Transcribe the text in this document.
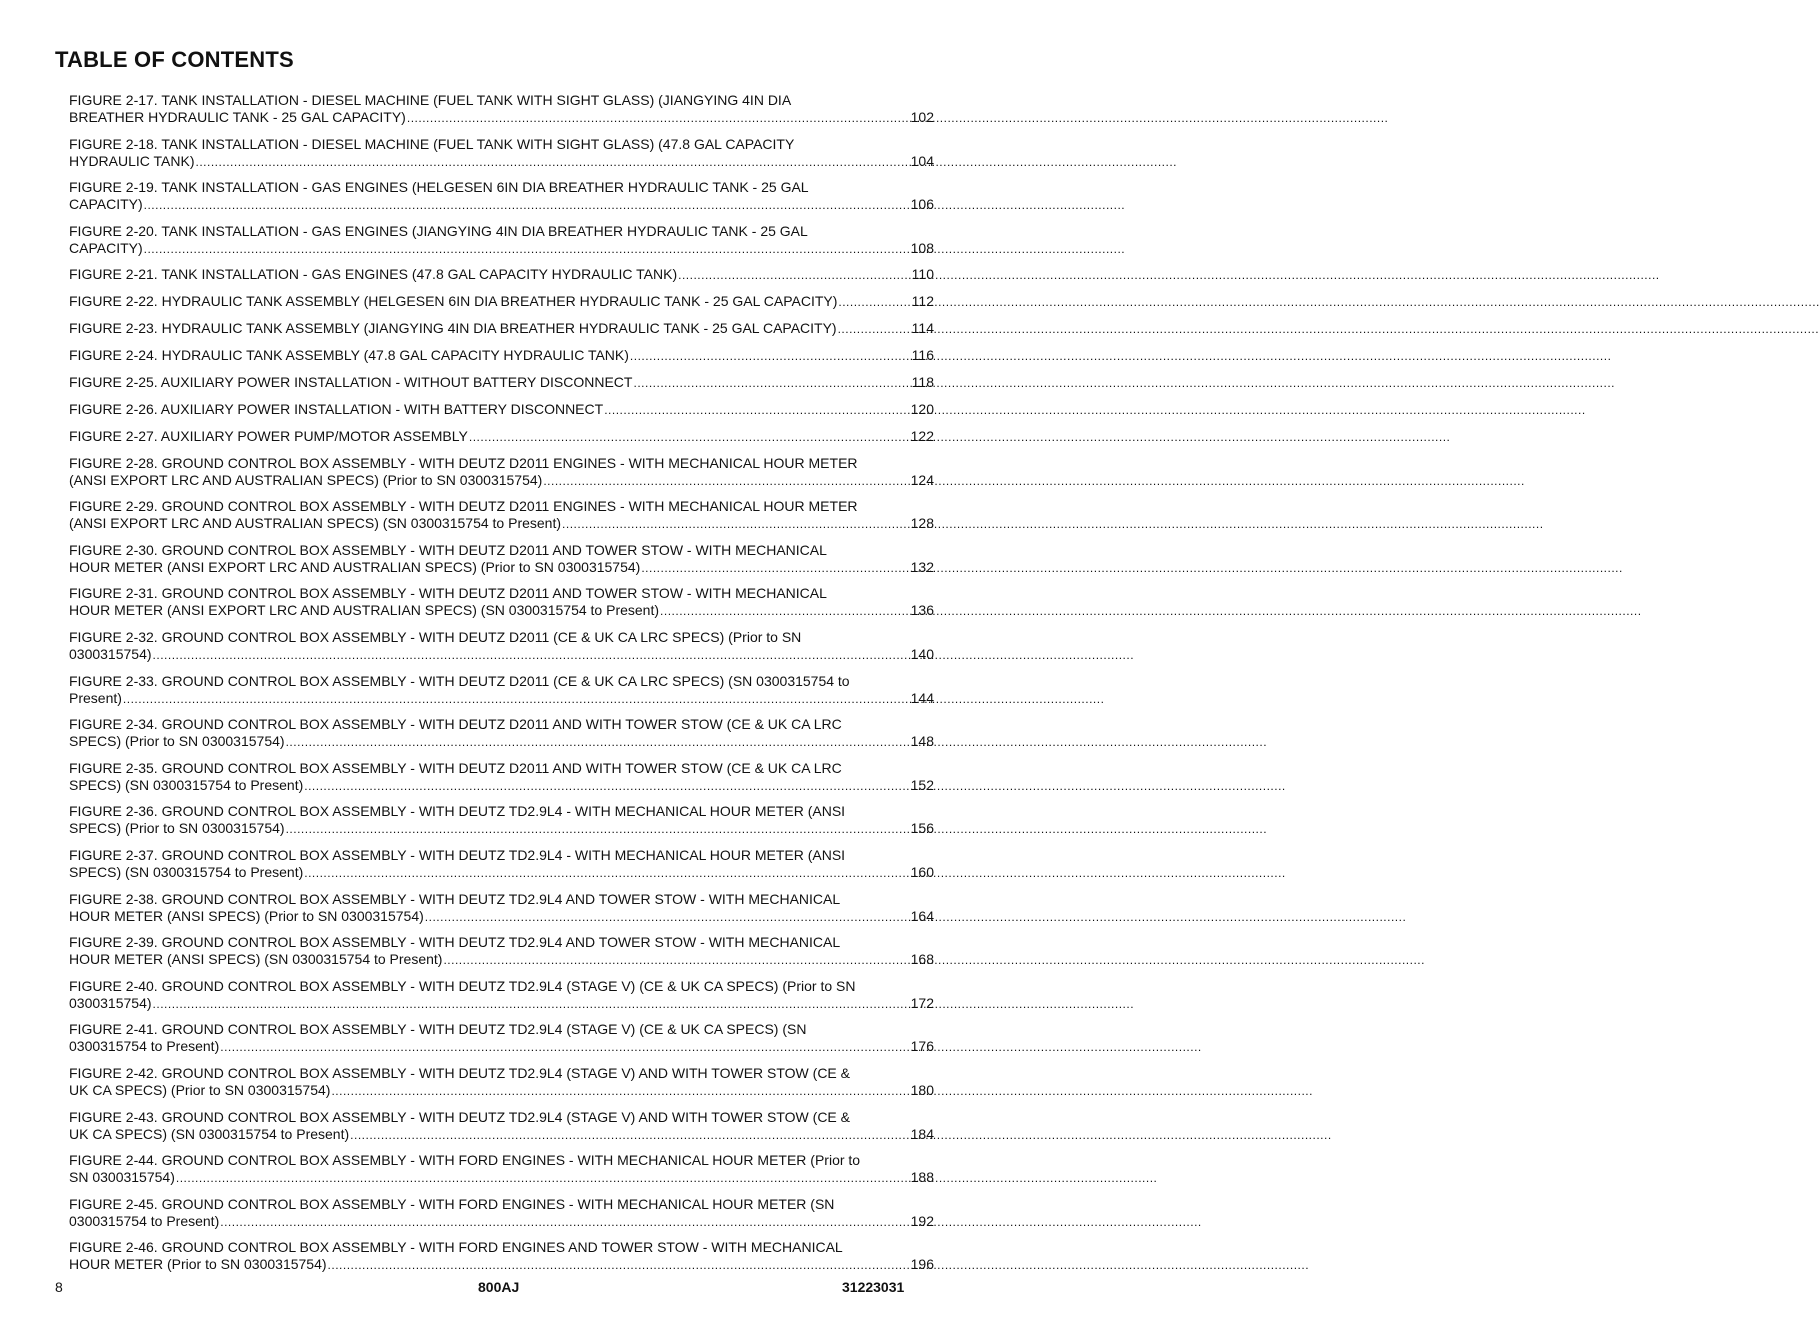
TABLE OF CONTENTS
FIGURE 2-17. TANK INSTALLATION - DIESEL MACHINE (FUEL TANK WITH SIGHT GLASS) (JIANGYING 4IN DIA
BREATHER HYDRAULIC TANK - 25 GAL CAPACITY) .....	102
FIGURE 2-18. TANK INSTALLATION - DIESEL MACHINE (FUEL TANK WITH SIGHT GLASS) (47.8 GAL CAPACITY
HYDRAULIC TANK) .....	104
FIGURE 2-19. TANK INSTALLATION - GAS ENGINES (HELGESEN 6IN DIA BREATHER HYDRAULIC TANK - 25 GAL
CAPACITY) .....	106
FIGURE 2-20. TANK INSTALLATION - GAS ENGINES (JIANGYING 4IN DIA BREATHER HYDRAULIC TANK - 25 GAL
CAPACITY) .....	108
FIGURE 2-21. TANK INSTALLATION - GAS ENGINES (47.8 GAL CAPACITY HYDRAULIC TANK) .....	110
FIGURE 2-22. HYDRAULIC TANK ASSEMBLY (HELGESEN 6IN DIA BREATHER HYDRAULIC TANK - 25 GAL CAPACITY) .....	112
FIGURE 2-23. HYDRAULIC TANK ASSEMBLY (JIANGYING 4IN DIA BREATHER HYDRAULIC TANK - 25 GAL CAPACITY) .....	114
FIGURE 2-24. HYDRAULIC TANK ASSEMBLY (47.8 GAL CAPACITY HYDRAULIC TANK) .....	116
FIGURE 2-25. AUXILIARY POWER INSTALLATION - WITHOUT BATTERY DISCONNECT .....	118
FIGURE 2-26. AUXILIARY POWER INSTALLATION - WITH BATTERY DISCONNECT .....	120
FIGURE 2-27. AUXILIARY POWER PUMP/MOTOR ASSEMBLY .....	122
FIGURE 2-28. GROUND CONTROL BOX ASSEMBLY - WITH DEUTZ D2011 ENGINES - WITH MECHANICAL HOUR METER
(ANSI EXPORT LRC AND AUSTRALIAN SPECS) (Prior to SN 0300315754) .....	124
FIGURE 2-29. GROUND CONTROL BOX ASSEMBLY - WITH DEUTZ D2011 ENGINES - WITH MECHANICAL HOUR METER
(ANSI EXPORT LRC AND AUSTRALIAN SPECS) (SN 0300315754 to Present) .....	128
FIGURE 2-30. GROUND CONTROL BOX ASSEMBLY - WITH DEUTZ D2011 AND TOWER STOW - WITH MECHANICAL
HOUR METER (ANSI EXPORT LRC AND AUSTRALIAN SPECS) (Prior to SN 0300315754) .....	132
FIGURE 2-31. GROUND CONTROL BOX ASSEMBLY - WITH DEUTZ D2011 AND TOWER STOW - WITH MECHANICAL
HOUR METER (ANSI EXPORT LRC AND AUSTRALIAN SPECS) (SN 0300315754 to Present) .....	136
FIGURE 2-32. GROUND CONTROL BOX ASSEMBLY - WITH DEUTZ D2011 (CE & UK CA LRC SPECS) (Prior to SN
0300315754) .....	140
FIGURE 2-33. GROUND CONTROL BOX ASSEMBLY - WITH DEUTZ D2011 (CE & UK CA LRC SPECS) (SN 0300315754 to
Present) .....	144
FIGURE 2-34. GROUND CONTROL BOX ASSEMBLY - WITH DEUTZ D2011 AND WITH TOWER STOW (CE & UK CA LRC
SPECS) (Prior to SN 0300315754) .....	148
FIGURE 2-35. GROUND CONTROL BOX ASSEMBLY - WITH DEUTZ D2011 AND WITH TOWER STOW (CE & UK CA LRC
SPECS) (SN 0300315754 to Present) .....	152
FIGURE 2-36. GROUND CONTROL BOX ASSEMBLY - WITH DEUTZ TD2.9L4 - WITH MECHANICAL HOUR METER (ANSI
SPECS) (Prior to SN 0300315754) .....	156
FIGURE 2-37. GROUND CONTROL BOX ASSEMBLY - WITH DEUTZ TD2.9L4 - WITH MECHANICAL HOUR METER (ANSI
SPECS) (SN 0300315754 to Present) .....	160
FIGURE 2-38. GROUND CONTROL BOX ASSEMBLY - WITH DEUTZ TD2.9L4 AND TOWER STOW - WITH MECHANICAL
HOUR METER (ANSI SPECS) (Prior to SN 0300315754) .....	164
FIGURE 2-39. GROUND CONTROL BOX ASSEMBLY - WITH DEUTZ TD2.9L4 AND TOWER STOW - WITH MECHANICAL
HOUR METER (ANSI SPECS) (SN 0300315754 to Present) .....	168
FIGURE 2-40. GROUND CONTROL BOX ASSEMBLY - WITH DEUTZ TD2.9L4 (STAGE V) (CE & UK CA SPECS) (Prior to SN
0300315754) .....	172
FIGURE 2-41. GROUND CONTROL BOX ASSEMBLY - WITH DEUTZ TD2.9L4 (STAGE V) (CE & UK CA SPECS) (SN
0300315754 to Present) .....	176
FIGURE 2-42. GROUND CONTROL BOX ASSEMBLY - WITH DEUTZ TD2.9L4 (STAGE V) AND WITH TOWER STOW (CE &
UK CA SPECS) (Prior to SN 0300315754) .....	180
FIGURE 2-43. GROUND CONTROL BOX ASSEMBLY - WITH DEUTZ TD2.9L4 (STAGE V) AND WITH TOWER STOW (CE &
UK CA SPECS) (SN 0300315754 to Present) .....	184
FIGURE 2-44. GROUND CONTROL BOX ASSEMBLY - WITH FORD ENGINES - WITH MECHANICAL HOUR METER (Prior to
SN 0300315754) .....	188
FIGURE 2-45. GROUND CONTROL BOX ASSEMBLY - WITH FORD ENGINES - WITH MECHANICAL HOUR METER (SN
0300315754 to Present) .....	192
FIGURE 2-46. GROUND CONTROL BOX ASSEMBLY - WITH FORD ENGINES AND TOWER STOW - WITH MECHANICAL
HOUR METER (Prior to SN 0300315754) .....	196
8	800AJ	31223031
